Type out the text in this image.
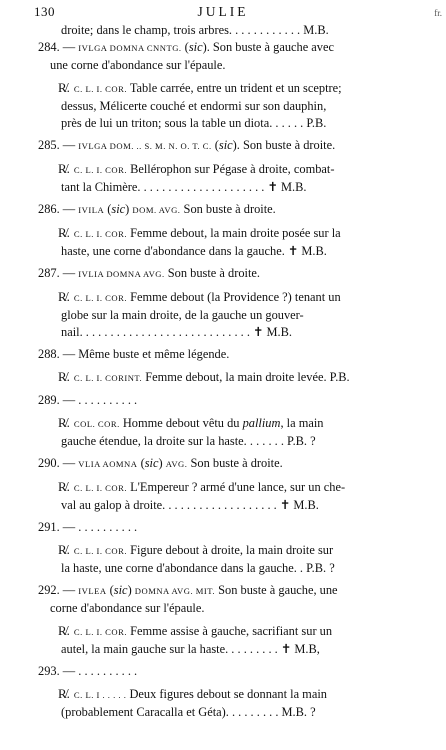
130	JULIE	fr.
droite; dans le champ, trois arbres. . . . . . . . . . . . M.B.
284. — IVLGA DOMNA CNNTG. (sic). Son buste à gauche avec
une corne d'abondance sur l'épaule.
R̸. C. L. I. COR. Table carrée, entre un trident et un sceptre;
dessus, Mélicerte couché et endormi sur son dauphin,
près de lui un triton; sous la table un diota. . . . . . P.B.
285. — IVLGA DOM. .. S. M. N. O. T. C. (sic). Son buste à droite.
R̸. C. L. I. COR. Bellérophon sur Pégase à droite, combat-
tant la Chimère. . . . . . . . . . . . . . . . . . . . . ✝ M.B.
286. — IVILA (sic) DOM. AVG. Son buste à droite.
R̸. C. L. I. COR. Femme debout, la main droite posée sur la
haste, une corne d'abondance dans la gauche. ✝ M.B.
287. — IVLIA DOMNA AVG. Son buste à droite.
R̸. C. L. I. COR. Femme debout (la Providence ?) tenant un
globe sur la main droite, de la gauche un gouver-
nail. . . . . . . . . . . . . . . . . . . . . . . . . . . . ✝ M.B.
288. — Même buste et même légende.
R̸. C. L. I. CORINT. Femme debout, la main droite levée. P.B.
289. — . . . . . . . . . .
R̸. COL. COR. Homme debout vêtu du pallium, la main
gauche étendue, la droite sur la haste. . . . . . . P.B. ?
290. — VLIA AOMNA (sic) AVG. Son buste à droite.
R̸. C. L. I. COR. L'Empereur ? armé d'une lance, sur un che-
val au galop à droite. . . . . . . . . . . . . . . . . . . ✝ M.B.
291. — . . . . . . . . . .
R̸. C. L. I. COR. Figure debout à droite, la main droite sur
la haste, une corne d'abondance dans la gauche. . P.B. ?
292. — IVLEA (sic) DOMNA AVG. MIT. Son buste à gauche, une
corne d'abondance sur l'épaule.
R̸. C. L. I. COR. Femme assise à gauche, sacrifiant sur un
autel, la main gauche sur la haste. . . . . . . . . ✝ M.B,
293. — . . . . . . . . . .
R̸. C. L. I . . . . . Deux figures debout se donnant la main
(probablement Caracalla et Géta). . . . . . . . . M.B. ?
